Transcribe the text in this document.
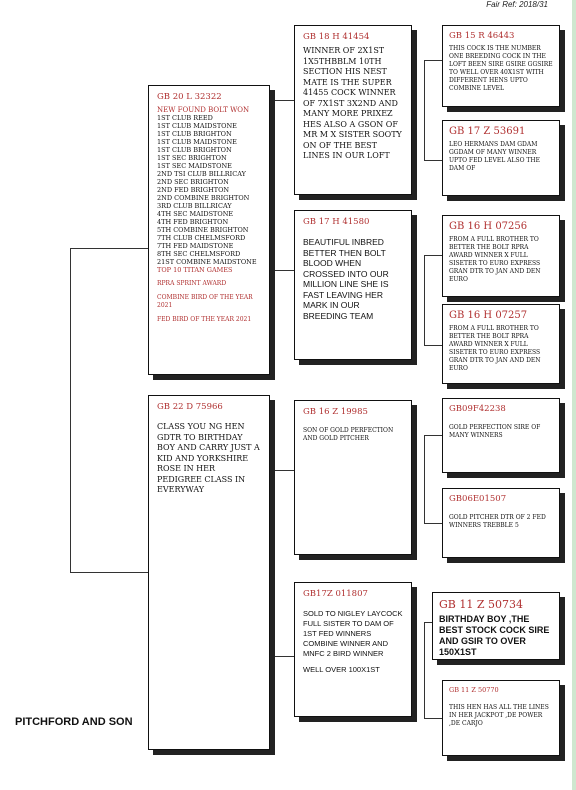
Fair Ref: 2018/31
GB 20 L 32322
NEW FOUND BOLT WON
1ST CLUB REED
1ST CLUB MAIDSTONE
1ST CLUB BRIGHTON
1ST CLUB MAIDSTONE
1ST CLUB BRIGHTON
1ST SEC BRIGHTON
1ST SEC MAIDSTONE
2ND TSI CLUB BILLRICAY
2ND SEC BRIGHTON
2ND FED BRIGHTON
2ND COMBINE BRIGHTON
3RD CLUB BILLRICAY
4TH SEC MAIDSTONE
4TH FED BRIGHTON
5TH COMBINE BRIGHTON
7TH CLUB CHELMSFORD
7TH FED MAIDSTONE
8TH SEC CHELMSFORD
21ST COMBINE MAIDSTONE
TOP 10 TITAN GAMES
RPRA SPRINT AWARD
COMBINE BIRD OF THE YEAR 2021
FED BIRD OF THE YEAR 2021
GB 22 D 75966
CLASS YOU NG HEN GDTR TO BIRTHDAY BOY AND CARRY JUST A KID AND YORKSHIRE ROSE IN HER PEDIGREE CLASS IN EVERYWAY
GB 18 H 41454
WINNER OF 2X1ST 1X5THBBLM 10TH SECTION HIS NEST MATE IS THE SUPER 41455 COCK WINNER OF 7X1ST 3X2ND AND MANY MORE PRIXEZ HES ALSO A GSON OF MR M X SISTER SOOTY ON OF THE BEST LINES IN OUR LOFT
GB 17 H 41580
BEAUTIFUL INBRED BETTER THEN BOLT BLOOD WHEN CROSSED INTO OUR MILLION LINE SHE IS FAST LEAVING HER MARK IN OUR BREEDING TEAM
GB 16 Z 19985
SON OF GOLD PERFECTION AND GOLD PITCHER
GB17Z 011807
SOLD TO NIGLEY LAYCOCK FULL SISTER TO DAM OF 1ST FED WINNERS COMBINE WINNER AND MNFC 2 BIRD WINNER
WELL OVER 100X1ST
GB 15 R 46443
THIS COCK IS THE NUMBER ONE BREEDING COCK IN THE LOFT BEEN SIRE GSIRE GGSIRE TO WELL OVER 40X1ST WITH DIFFERENT HENS UPTO COMBINE LEVEL
GB 17 Z 53691
LEO HERMANS DAM GDAM GGDAM OF MANY WINNER UPTO FED LEVEL ALSO THE DAM OF
GB 16 H 07256
FROM A FULL BROTHER TO BETTER THE BOLT RPRA AWARD WINNER X FULL SISETER TO EURO EXPRESS GRAN DTR TO JAN AND DEN EURO
GB 16 H 07257
FROM A FULL BROTHER TO BETTER THE BOLT RPRA AWARD WINNER X FULL SISETER TO EURO EXPRESS GRAN DTR TO JAN AND DEN EURO
GB09F42238
GOLD PERFECTION SIRE OF MANY WINNERS
GB06E01507
GOLD PITCHER DTR OF 2 FED WINNERS TREBBLE 5
GB 11 Z 50734
BIRTHDAY BOY ,THE BEST STOCK COCK SIRE AND GSIR TO OVER 150X1ST
GB 11 Z 50770
THIS HEN HAS ALL THE LINES IN HER JACKPOT ,DE POWER ,DE CARJO
PITCHFORD AND SON
